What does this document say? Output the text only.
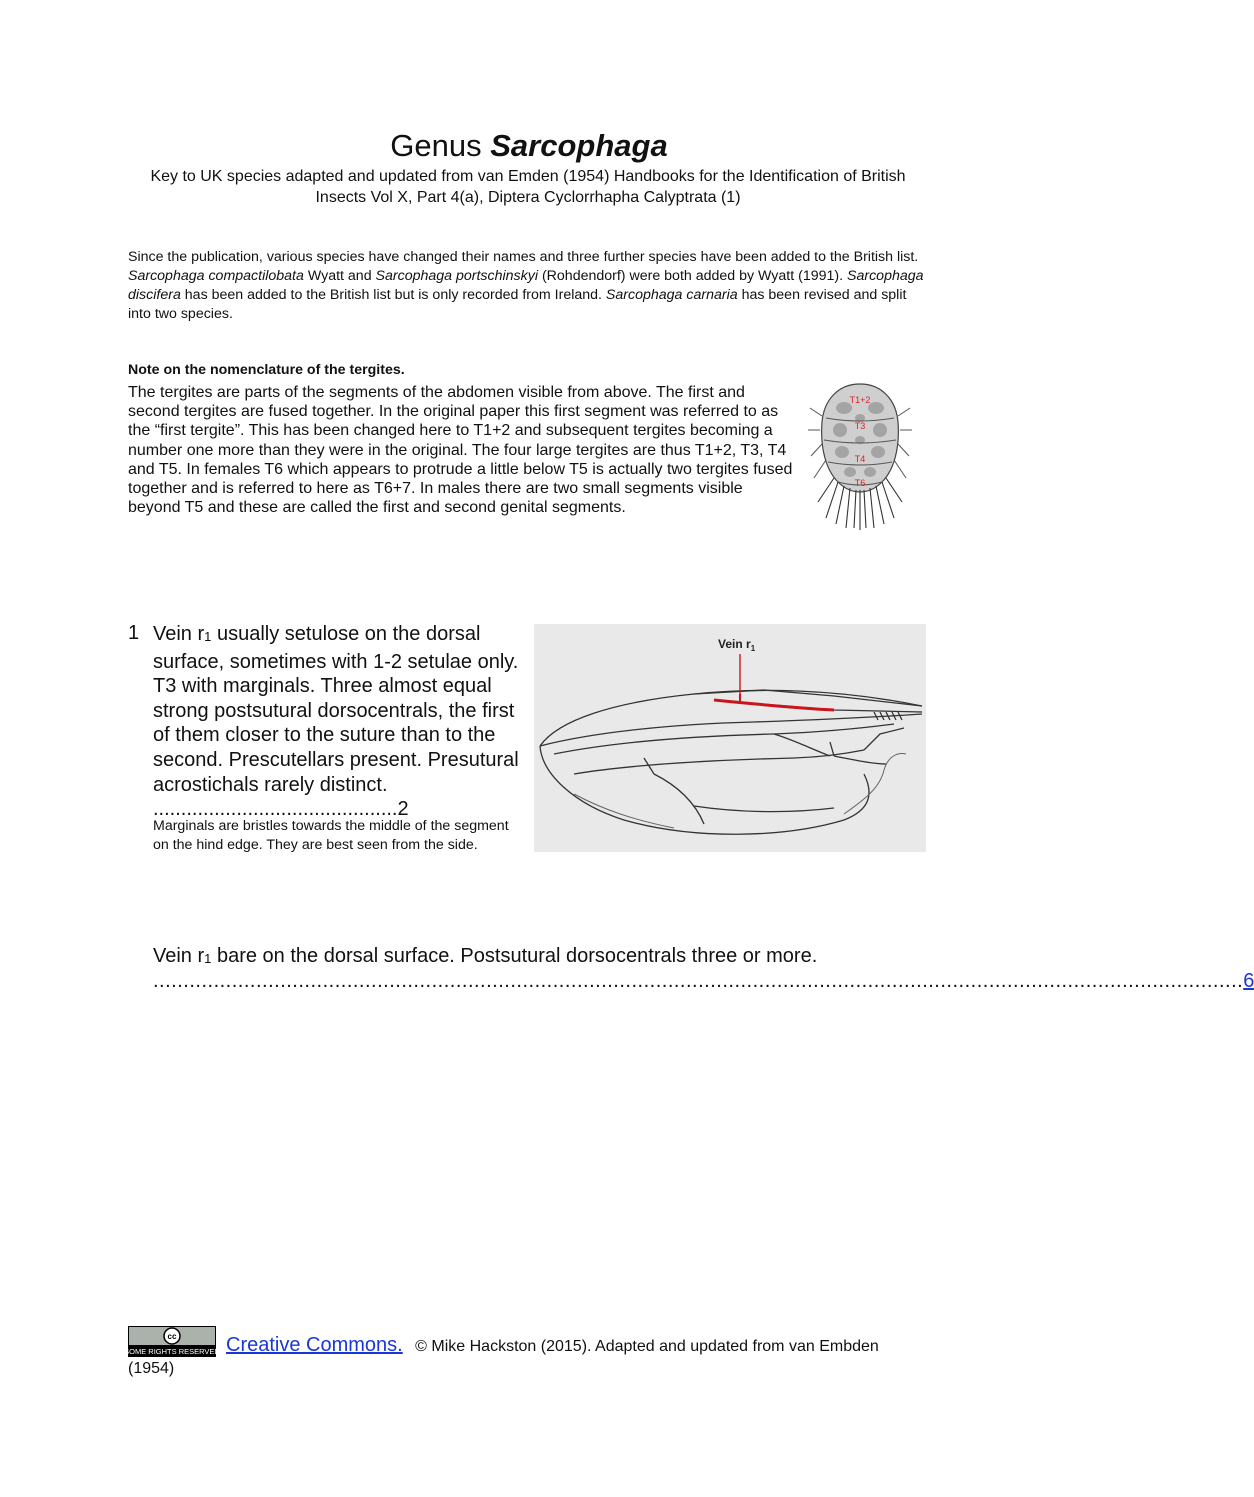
Genus Sarcophaga
Key to UK species adapted and updated from van Emden (1954) Handbooks for the Identification of British Insects Vol X, Part 4(a), Diptera Cyclorrhapha Calyptrata (1)
Since the publication, various species have changed their names and three further species have been added to the British list. Sarcophaga compactilobata Wyatt and Sarcophaga portschinskyi (Rohdendorf) were both added by Wyatt (1991). Sarcophaga discifera has been added to the British list but is only recorded from Ireland. Sarcophaga carnaria has been revised and split into two species.
Note on the nomenclature of the tergites.
The tergites are parts of the segments of the abdomen visible from above. The first and second tergites are fused together. In the original paper this first segment was referred to as the “first tergite”. This has been changed here to T1+2 and subsequent tergites becoming a number one more than they were in the original. The four large tergites are thus T1+2, T3, T4 and T5. In females T6 which appears to protrude a little below T5 is actually two tergites fused together and is referred to here as T6+7. In males there are two small segments visible beyond T5 and these are called the first and second genital segments.
T1+2
T3
T4
T6
1 Vein $r_1$ usually setulose on the dorsal surface, sometimes with 1-2 setulae only. T3 with marginals. Three almost equal strong postsutural dorsocentrals, the first of them closer to the suture than to the second. Prescutellars present. Presutural acrostichals rarely distinct. ............................................2
Marginals are bristles towards the middle of the segment on the hind edge. They are best seen from the side.
Vein $r_1$
Vein $r_1$ bare on the dorsal surface. Postsutural dorsocentrals three or more.
.................................................................................................................................................................................... 6
cc
SOME RIGHTS RESERVED Creative Commons. © Mike Hackston (2015). Adapted and updated from van Embden (1954)
